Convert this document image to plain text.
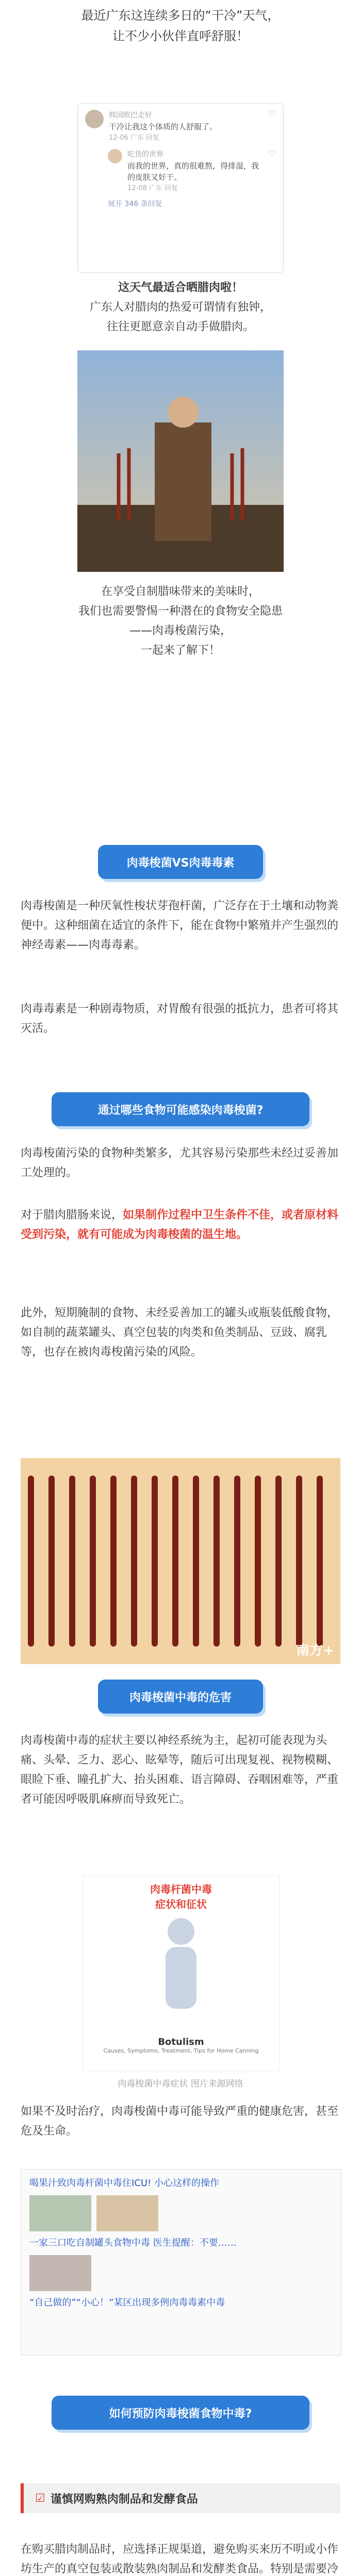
最近广东这连续多日的“干冷”天气，
让不少小伙伴直呼舒服！
韩国欧巴走好
干冷让我这个体质的人舒服了。
12-06 广东 回复
♡
吃货的世界
而我的世界，真的很难熬，得排湿，我的皮肤又好干。
12-08 广东 回复
♡
展开 346 条回复
这天气最适合晒腊肉啦！
广东人对腊肉的热爱可谓情有独钟，
往往更愿意亲自动手做腊肉。
在享受自制腊味带来的美味时，
我们也需要警惕一种潜在的食物安全隐患
——肉毒梭菌污染，
一起来了解下！
肉毒梭菌VS肉毒毒素
肉毒梭菌是一种厌氧性梭状芽孢杆菌，广泛存在于土壤和动物粪便中。这种细菌在适宜的条件下，能在食物中繁殖并产生强烈的神经毒素——肉毒毒素。
肉毒毒素是一种剧毒物质，对胃酸有很强的抵抗力，患者可将其灭活。
通过哪些食物可能感染肉毒梭菌?
肉毒梭菌污染的食物种类繁多，尤其容易污染那些未经过妥善加工处理的。
对于腊肉腊肠来说，如果制作过程中卫生条件不佳，或者原材料受到污染，就有可能成为肉毒梭菌的温生地。
此外，短期腌制的食物、未经妥善加工的罐头或瓶装低酸食物，如自制的蔬菜罐头、真空包装的肉类和鱼类制品、豆豉、腐乳等，也存在被肉毒梭菌污染的风险。
南方+
肉毒梭菌中毒的危害
肉毒梭菌中毒的症状主要以神经系统为主，起初可能表现为头痛、头晕、乏力、恶心、眩晕等，随后可出现复视、视物模糊、眼睑下垂、瞳孔扩大、抬头困难、语言障碍、吞咽困难等，严重者可能因呼吸肌麻痹而导致死亡。
肉毒杆菌中毒
症状和征状
Botulism
Causes, Symptoms, Treatment, Tips for Home Canning
肉毒梭菌中毒症状 图片来源网络
如果不及时治疗，肉毒梭菌中毒可能导致严重的健康危害，甚至危及生命。
喝果汁致肉毒杆菌中毒住ICU! 小心这样的操作
一家三口吃自制罐头食物中毒 医生提醒：不要……
“自己做的”“小心！”某区出现多例肉毒毒素中毒
如何预防肉毒梭菌食物中毒?
☑ 谨慎网购熟肉制品和发酵食品
在购买腊肉制品时，应选择正规渠道，避免购买来历不明或小作坊生产的真空包装或散装熟肉制品和发酵类食品。特别是需要冷
